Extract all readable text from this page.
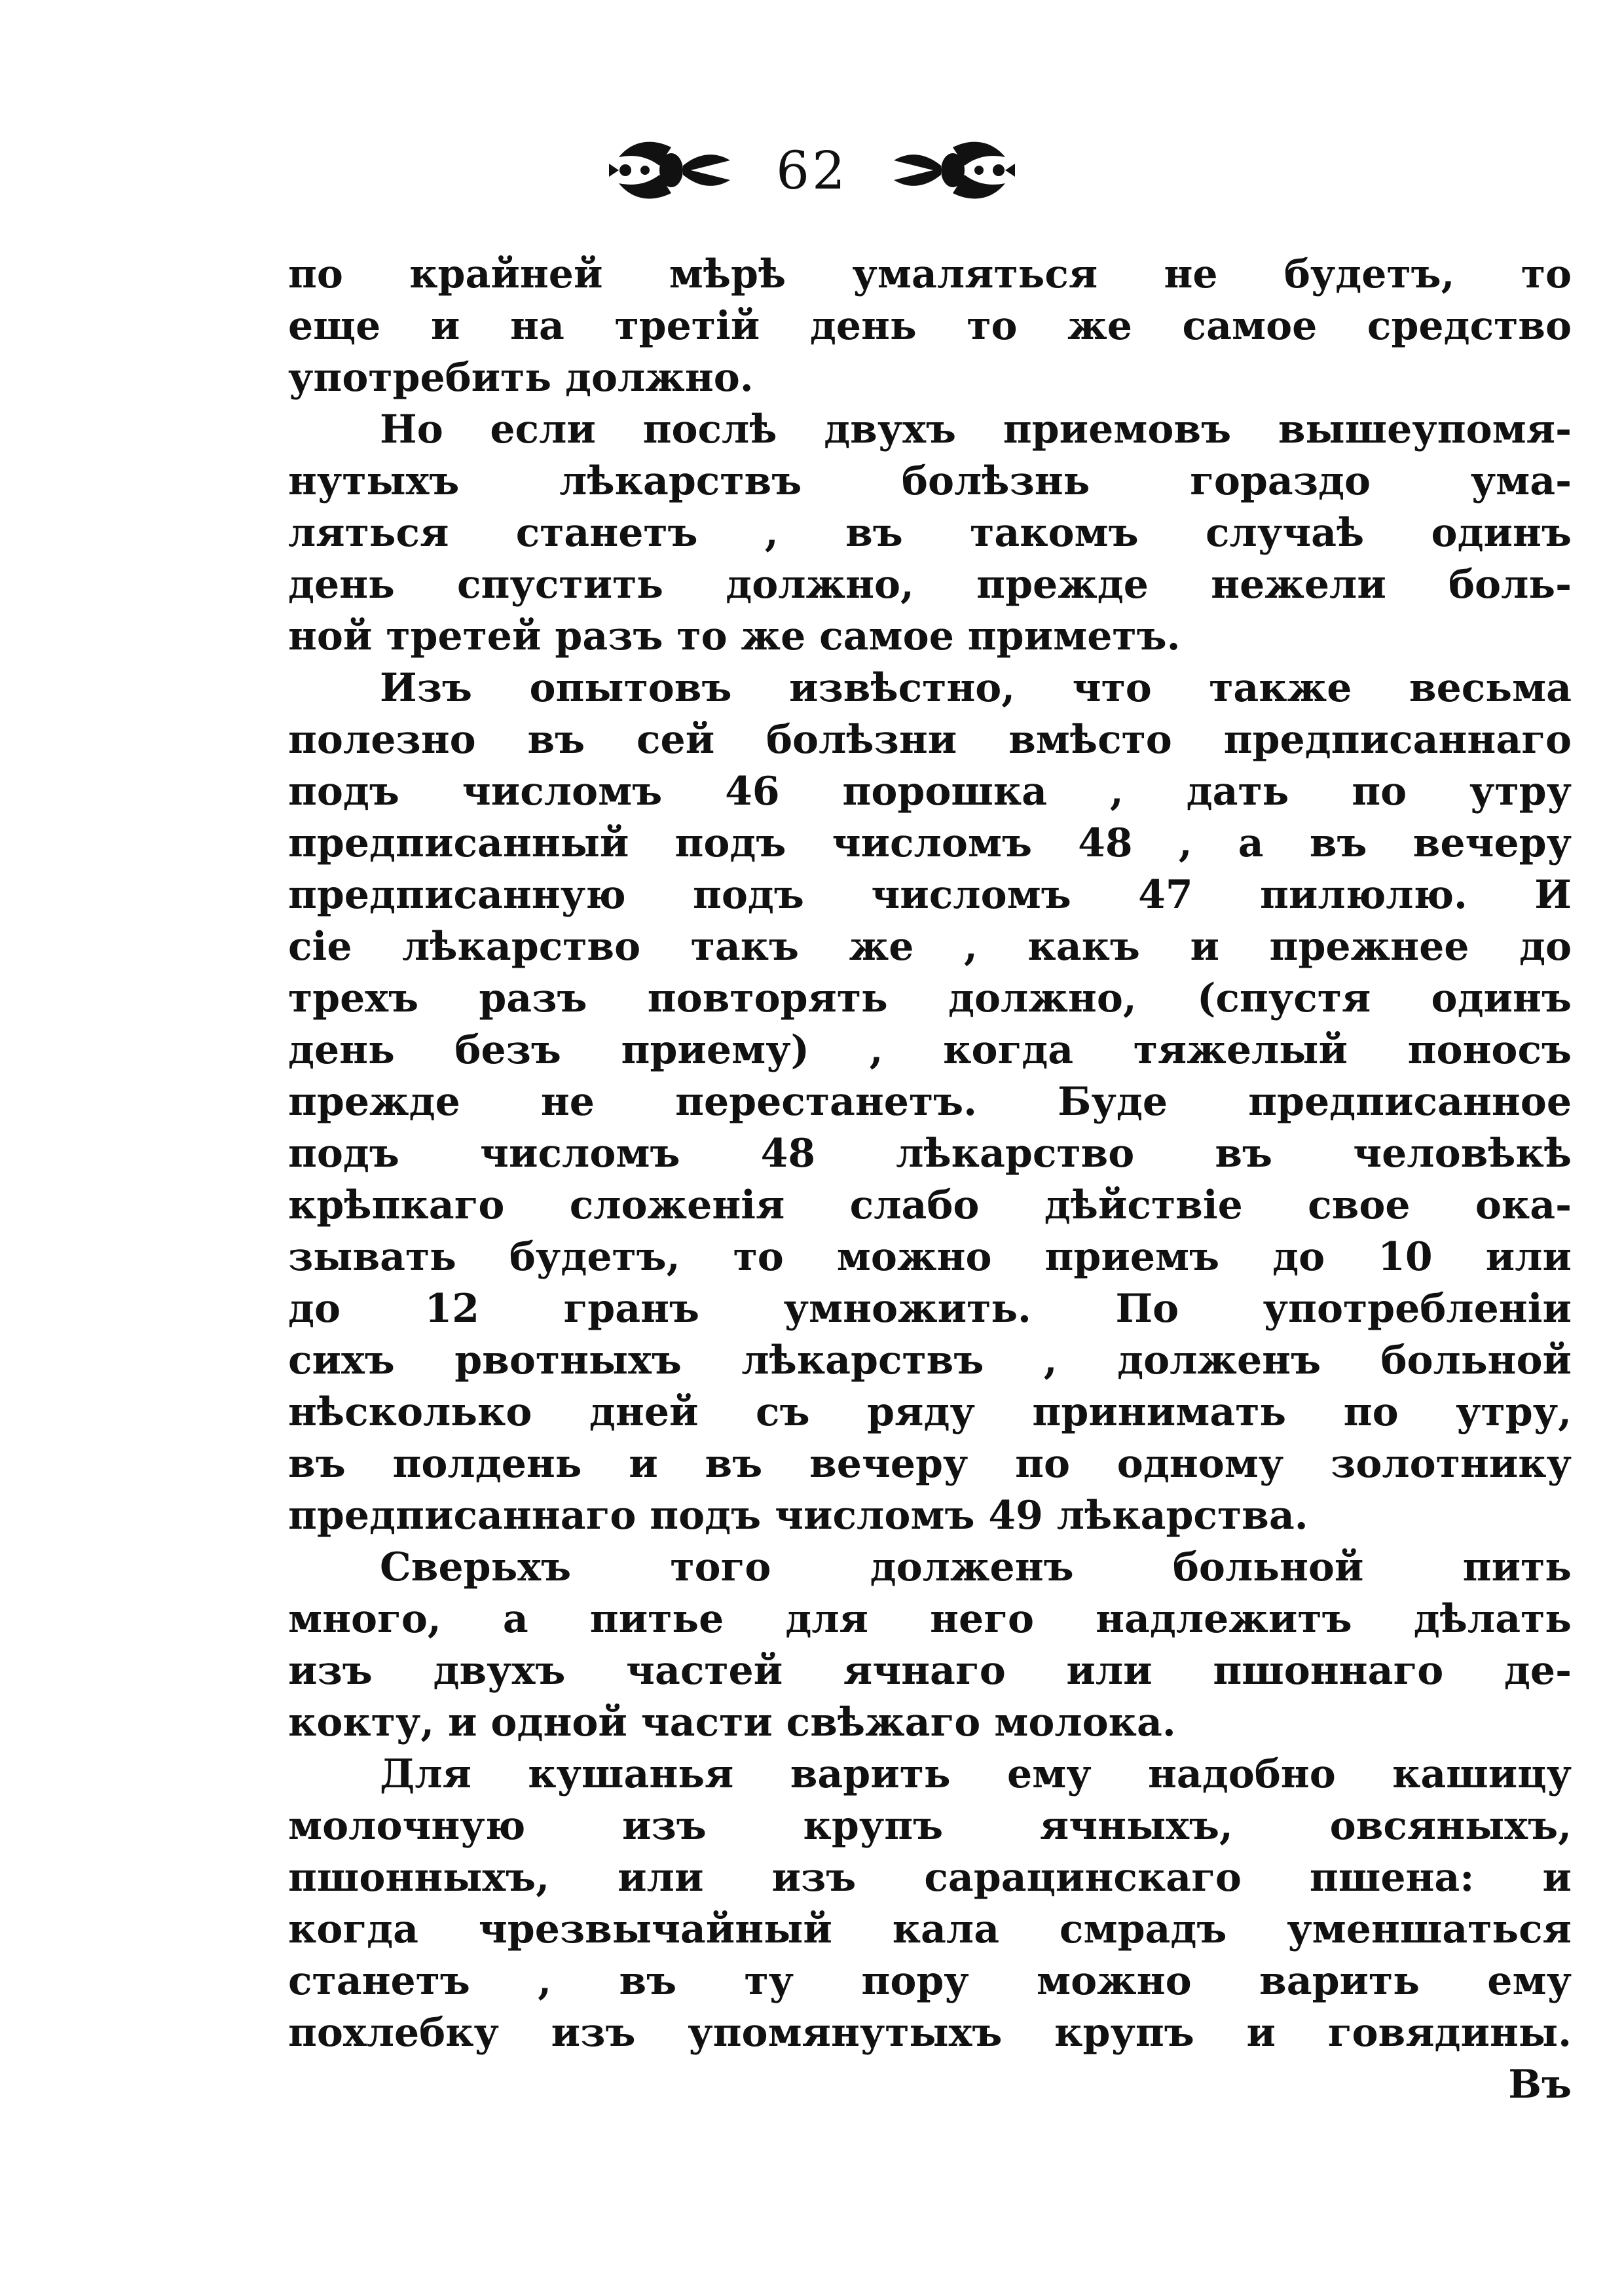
62
по крайней мѣрѣ умаляться не будетъ, то
еще и на третій день то же самое средство
употребить должно.
Но если послѣ двухъ приемовъ вышеупомя-
нутыхъ лѣкарствъ болѣзнь гораздо ума-
ляться станетъ , въ такомъ случаѣ одинъ
день спустить должно, прежде нежели боль-
ной третей разъ то же самое приметъ.
Изъ опытовъ извѣстно, что также весьма
полезно въ сей болѣзни вмѣсто предписаннаго
подъ числомъ 46 порошка , дать по утру
предписанный подъ числомъ 48 , а въ вечеру
предписанную подъ числомъ 47 пилюлю. И
сіе лѣкарство такъ же , какъ и прежнее до
трехъ разъ повторять должно, (спустя одинъ
день безъ приему) , когда тяжелый поносъ
прежде не перестанетъ. Буде предписанное
подъ числомъ 48 лѣкарство въ человѣкѣ
крѣпкаго сложенія слабо дѣйствіе свое ока-
зывать будетъ, то можно приемъ до 10 или
до 12 гранъ умножить. По употребленіи
сихъ рвотныхъ лѣкарствъ , долженъ больной
нѣсколько дней съ ряду принимать по утру,
въ полдень и въ вечеру по одному золотнику
предписаннаго подъ числомъ 49 лѣкарства.
Сверьхъ того долженъ больной пить
много, а питье для него надлежитъ дѣлать
изъ двухъ частей ячнаго или пшоннаго де-
кокту, и одной части свѣжаго молока.
Для кушанья варить ему надобно кашицу
молочную изъ крупъ ячныхъ, овсяныхъ,
пшонныхъ, или изъ сарацинскаго пшена: и
когда чрезвычайный кала смрадъ уменшаться
станетъ , въ ту пору можно варить ему
похлебку изъ упомянутыхъ крупъ и говядины.
Въ
